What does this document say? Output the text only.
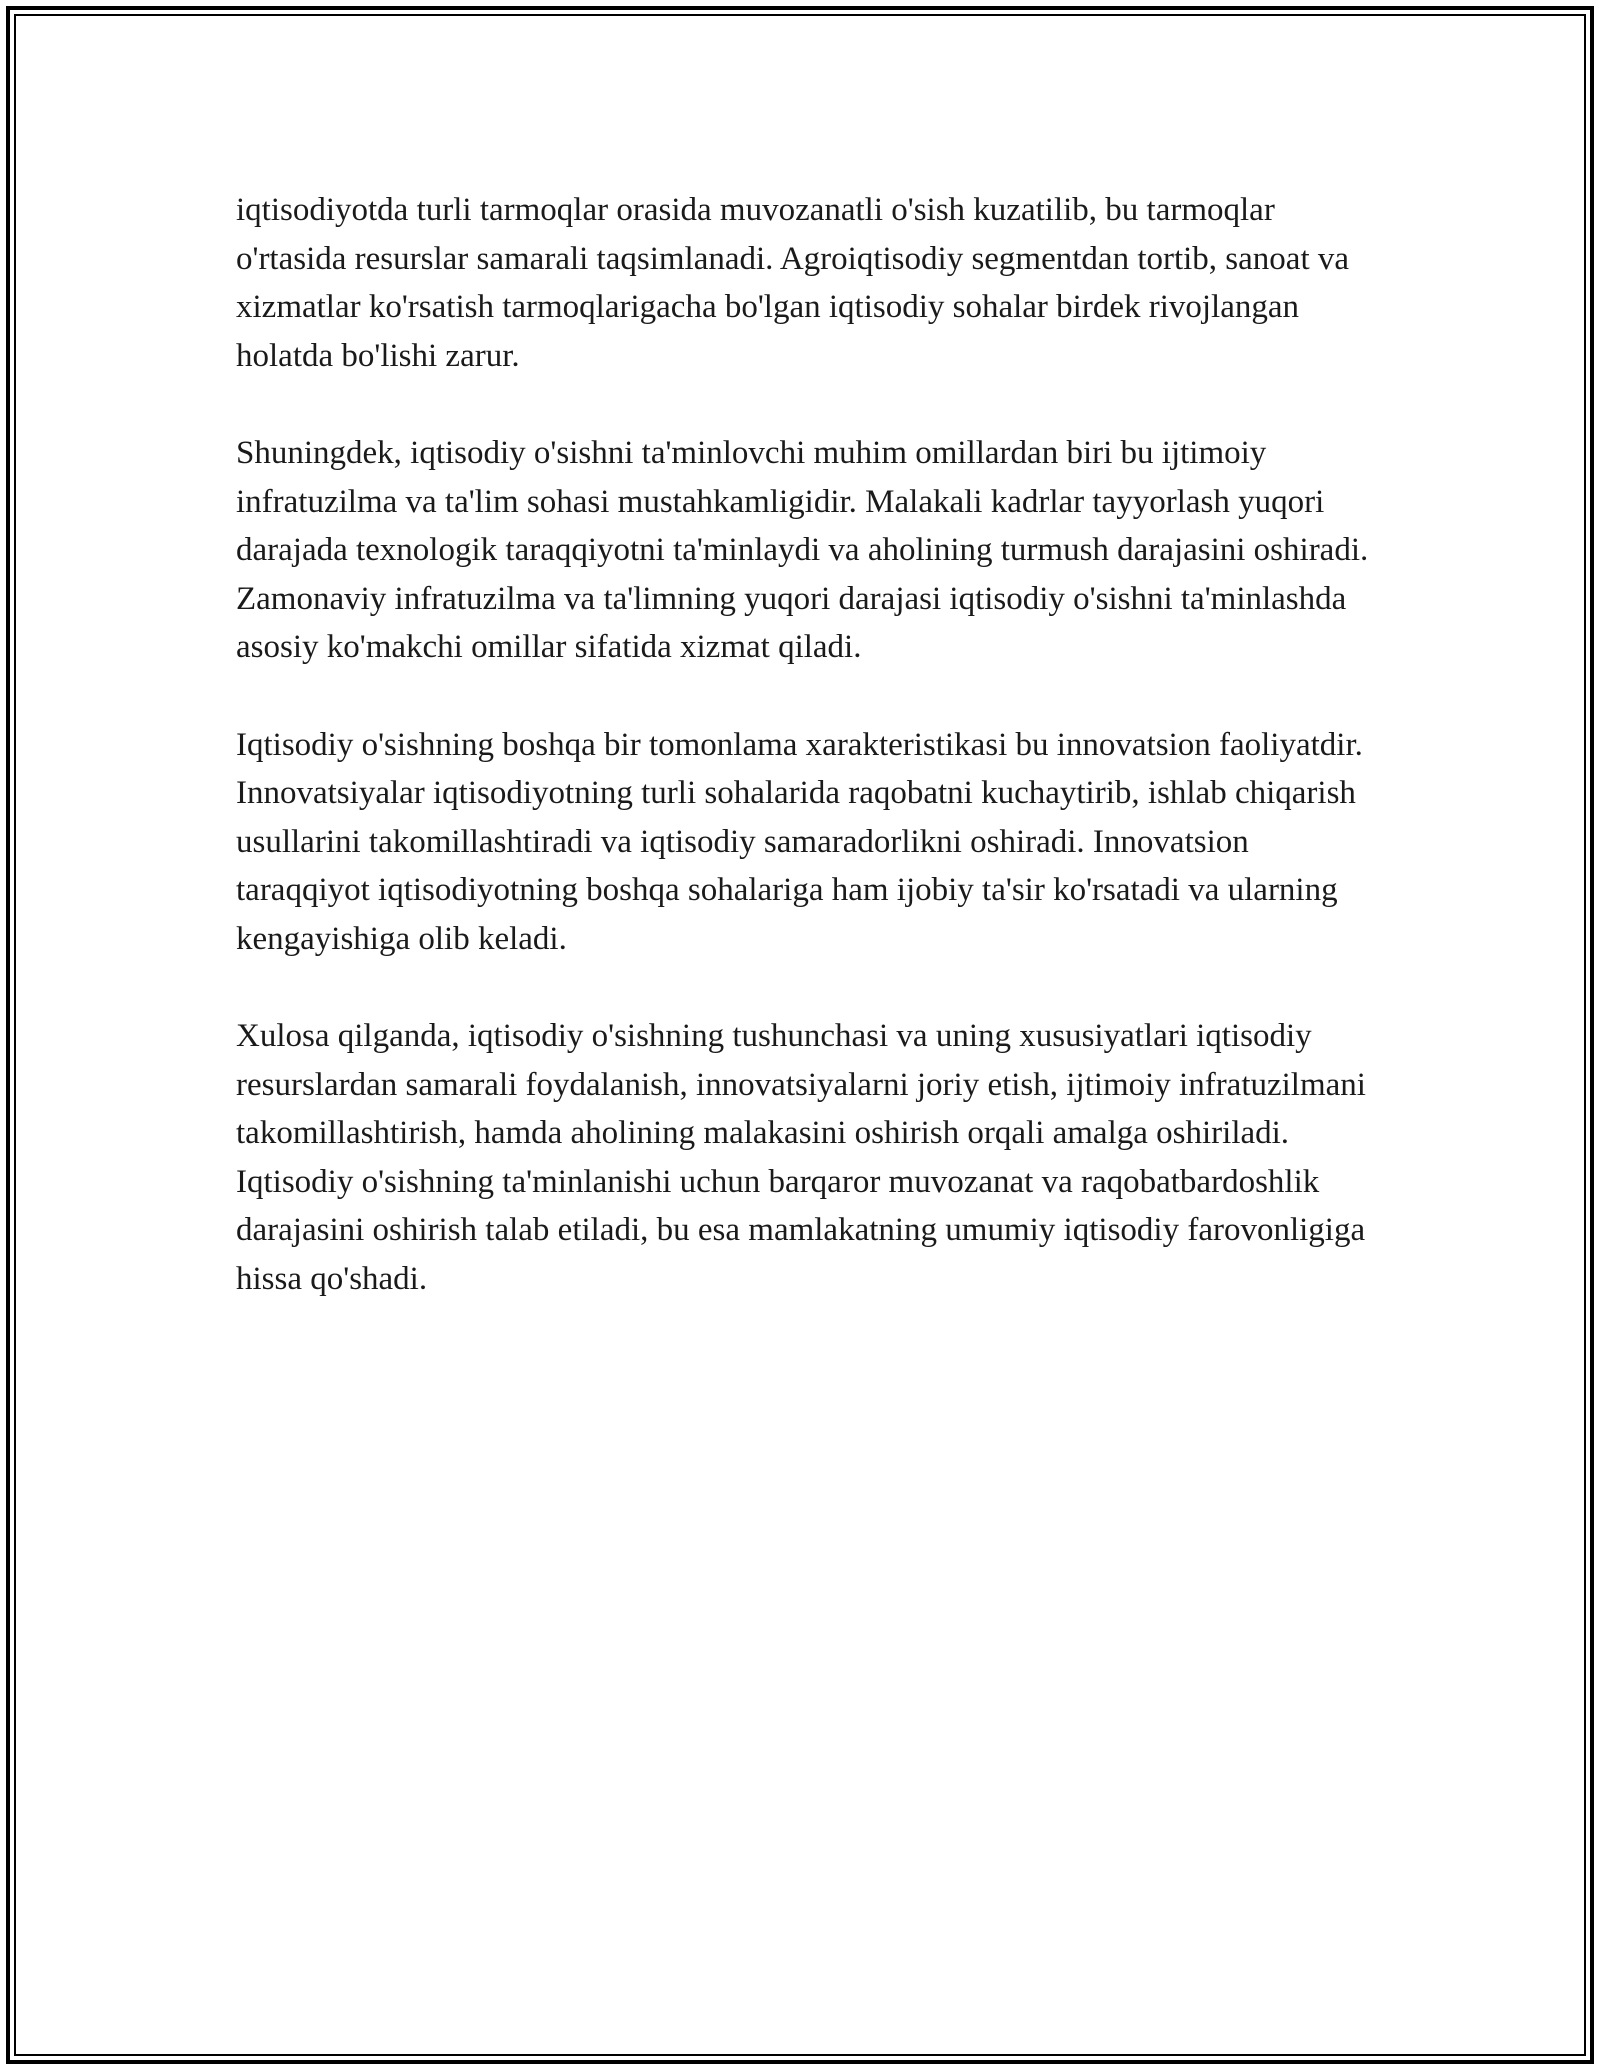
iqtisodiyotda turli tarmoqlar orasida muvozanatli o'sish kuzatilib, bu tarmoqlar o'rtasida resurslar samarali taqsimlanadi. Agroiqtisodiy segmentdan tortib, sanoat va xizmatlar ko'rsatish tarmoqlarigacha bo'lgan iqtisodiy sohalar birdek rivojlangan holatda bo'lishi zarur.

Shuningdek, iqtisodiy o'sishni ta'minlovchi muhim omillardan biri bu ijtimoiy infratuzilma va ta'lim sohasi mustahkamligidir. Malakali kadrlar tayyorlash yuqori darajada texnologik taraqqiyotni ta'minlaydi va aholining turmush darajasini oshiradi. Zamonaviy infratuzilma va ta'limning yuqori darajasi iqtisodiy o'sishni ta'minlashda asosiy ko'makchi omillar sifatida xizmat qiladi.

Iqtisodiy o'sishning boshqa bir tomonlama xarakteristikasi bu innovatsion faoliyatdir. Innovatsiyalar iqtisodiyotning turli sohalarida raqobatni kuchaytirib, ishlab chiqarish usullarini takomillashtiradi va iqtisodiy samaradorlikni oshiradi. Innovatsion taraqqiyot iqtisodiyotning boshqa sohalariga ham ijobiy ta'sir ko'rsatadi va ularning kengayishiga olib keladi.

Xulosa qilganda, iqtisodiy o'sishning tushunchasi va uning xususiyatlari iqtisodiy resurslardan samarali foydalanish, innovatsiyalarni joriy etish, ijtimoiy infratuzilmani takomillashtirish, hamda aholining malakasini oshirish orqali amalga oshiriladi. Iqtisodiy o'sishning ta'minlanishi uchun barqaror muvozanat va raqobatbardoshlik darajasini oshirish talab etiladi, bu esa mamlakatning umumiy iqtisodiy farovonligiga hissa qo'shadi.
